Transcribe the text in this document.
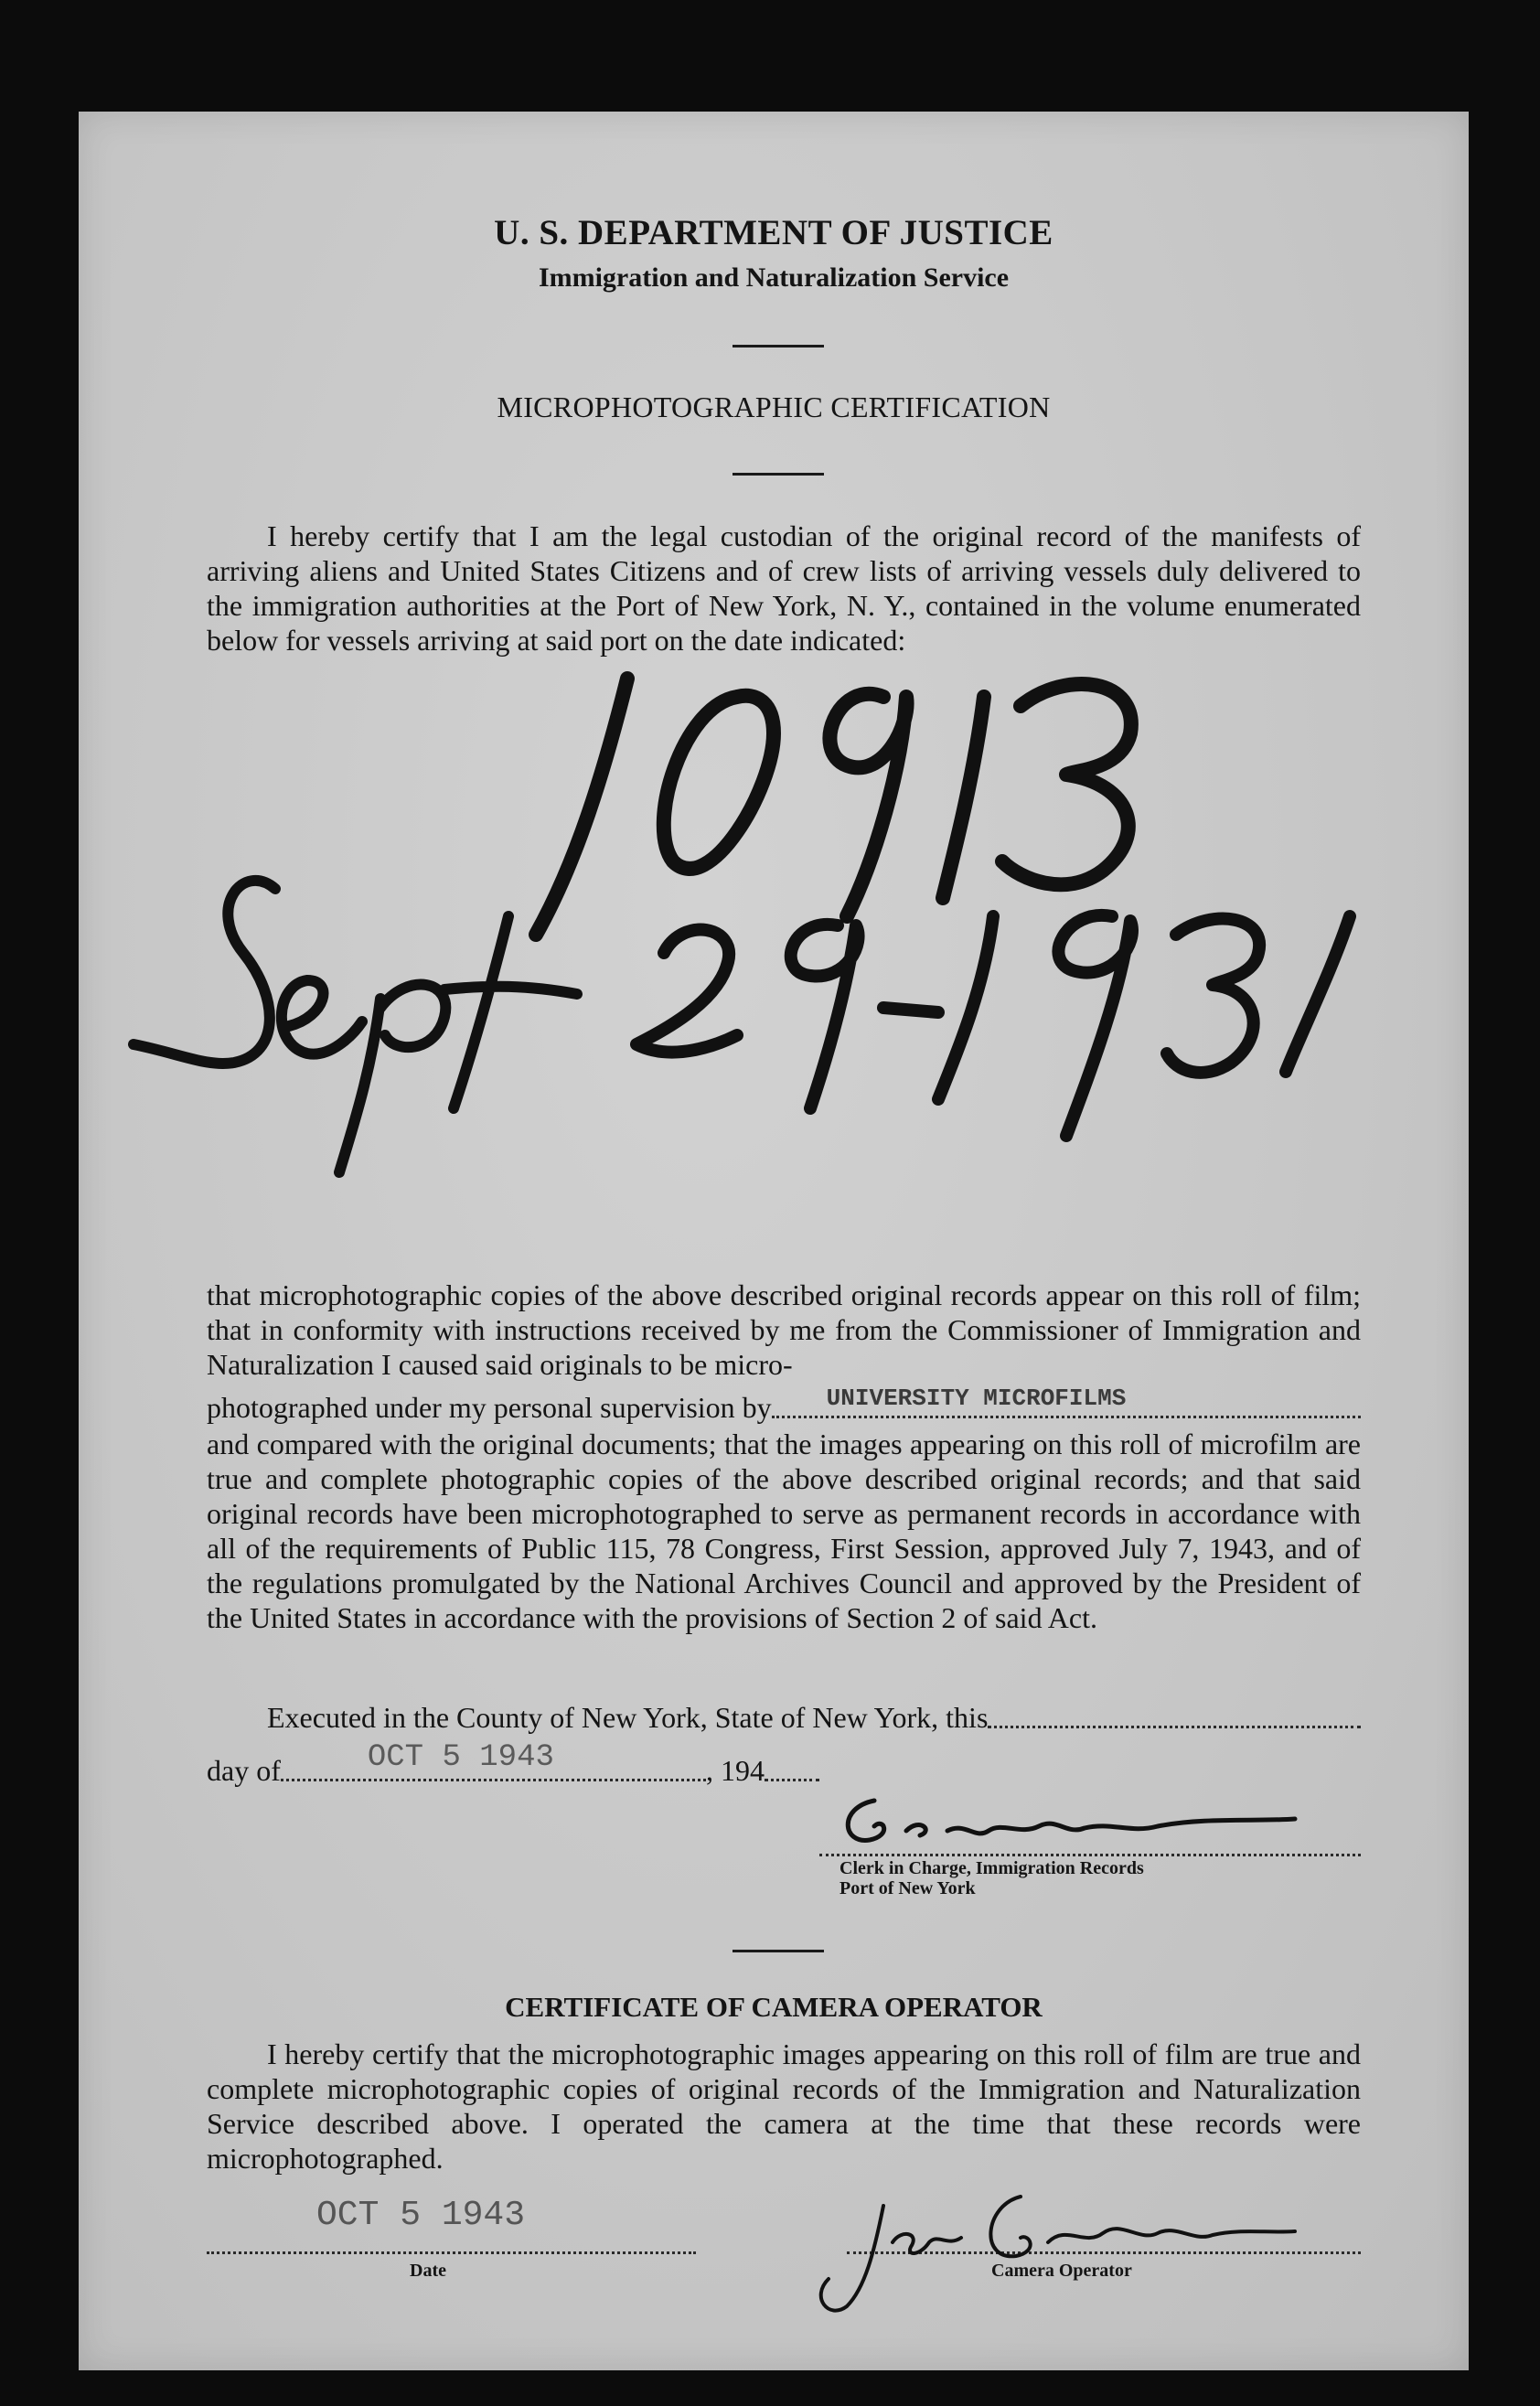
U. S. DEPARTMENT OF JUSTICE
Immigration and Naturalization Service
MICROPHOTOGRAPHIC CERTIFICATION
I hereby certify that I am the legal custodian of the original record of the manifests of arriving aliens and United States Citizens and of crew lists of arriving vessels duly delivered to the immigration authorities at the Port of New York, N. Y., contained in the volume enumerated below for vessels arriving at said port on the date indicated:
that microphotographic copies of the above described original records appear on this roll of film; that in conformity with instructions received by me from the Commissioner of Immigration and Naturalization I caused said originals to be micro-
photographed under my personal supervision by UNIVERSITY MICROFILMS
and compared with the original documents; that the images appearing on this roll of microfilm are true and complete photographic copies of the above described original records; and that said original records have been microphotographed to serve as permanent records in accordance with all of the requirements of Public 115, 78 Congress, First Session, approved July 7, 1943, and of the regulations promulgated by the National Archives Council and approved by the President of the United States in accordance with the provisions of Section 2 of said Act.
Executed in the County of New York, State of New York, this
day of	OCT 5 1943	, 194
Clerk in Charge, Immigration Records
Port of New York
CERTIFICATE OF CAMERA OPERATOR
I hereby certify that the microphotographic images appearing on this roll of film are true and complete microphotographic copies of original records of the Immigration and Naturalization Service described above. I operated the camera at the time that these records were microphotographed.
OCT 5 1943
Date	Camera Operator
